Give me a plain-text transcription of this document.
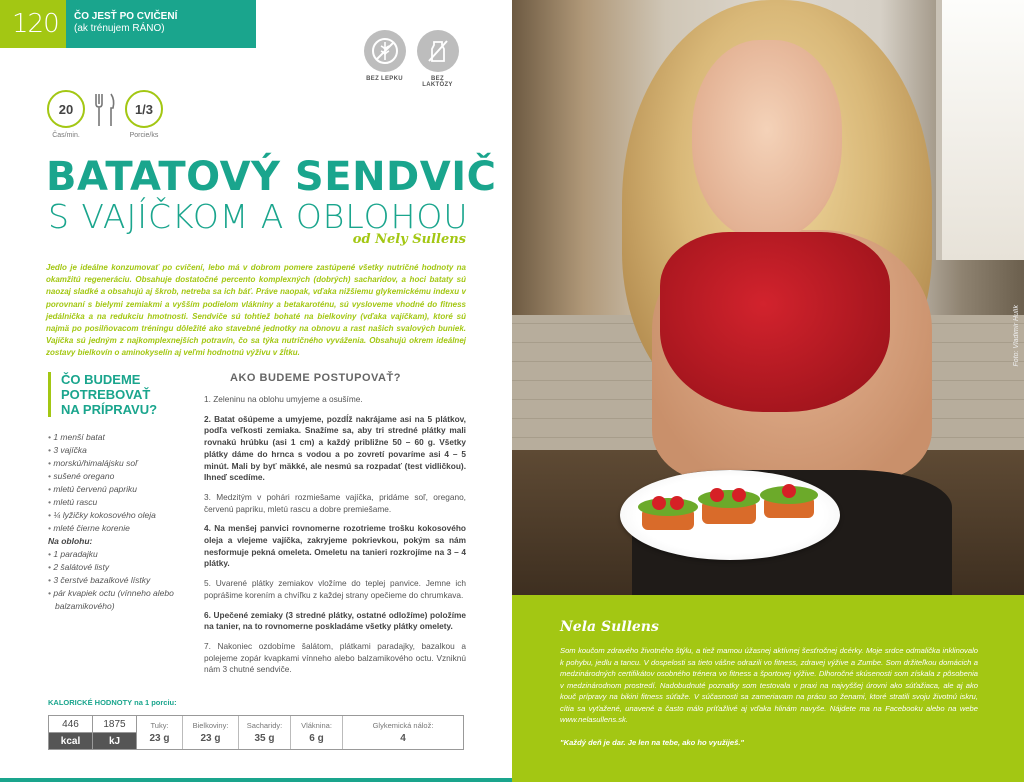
120	ČO JESŤ PO CVIČENÍ
(ak trénujem RÁNO)
BEZ LEPKU	BEZ LAKTÓZY
20
Čas/min.
1/3
Porcie/ks
BATATOVÝ SENDVIČ
S VAJÍČKOM A OBLOHOU
od Nely Sullens

Jedlo je ideálne konzumovať po cvičení, lebo má v dobrom pomere zastúpené všetky nutričné hodnoty na okamžitú regeneráciu. Obsahuje dostatočné percento komplexných (dobrých) sacharidov, a hoci bataty sú naozaj sladké a obsahujú aj škrob, netreba sa ich báť. Práve naopak, vďaka nižšiemu glykemickému indexu v porovnaní s bielymi zemiakmi a vyšším podielom vlákniny a betakaroténu, sú vysloveme vhodné do fitness jedálnička a na redukciu hmotnosti. Sendviče sú tohtiež bohaté na bielkoviny (vďaka vajíčkam), ktoré sú najmä po posilňovacom tréningu dôležité ako stavebné jednotky na obnovu a rast našich svalových buniek. Vajíčka sú jedným z najkomplexnejších potravín, čo sa týka nutričného vyváženia. Obsahujú okrem ideálnej zostavy bielkovín o aminokyselín aj veľmi hodnotnú výživu v žĺtku.

ČO BUDEME
POTREBOVAŤ
NA PRÍPRAVU?
• 1 menší batat
• 3 vajíčka
• morskú/himalájsku soľ
• sušené oregano
• mletú červenú papriku
• mletú rascu
• ¼ lyžičky kokosového oleja
• mleté čierne korenie
Na oblohu:
• 1 paradajku
• 2 šalátové listy
• 3 čerstvé bazalkové lístky
• pár kvapiek octu (vínneho alebo balzamikového)
AKO BUDEME POSTUPOVAŤ?

1. Zeleninu na oblohu umyjeme a osušíme.

2. Batat ošúpeme a umyjeme, pozdĺž nakrájame asi na 5 plátkov, podľa veľkosti zemiaka. Snažíme sa, aby tri stredné plátky mali rovnakú hrúbku (asi 1 cm) a každý približne 50 – 60 g. Všetky plátky dáme do hrnca s vodou a po zovretí povaríme asi 4 – 5 minút. Mali by byť mäkké, ale nesmú sa rozpadať (test vidličkou). Ihneď scedíme.

3. Medzitým v pohári rozmiešame vajíčka, pridáme soľ, oregano, červenú papriku, mletú rascu a dobre premiešame.

4. Na menšej panvici rovnomerne rozotrieme trošku kokosového oleja a vlejeme vajíčka, zakryjeme pokrievkou, pokým sa nám nesformuje pekná omeleta. Omeletu na tanieri rozkrojíme na 3 – 4 plátky.

5. Uvarené plátky zemiakov vložíme do teplej panvice. Jemne ich poprášime korením a chvíľku z každej strany opečieme do chrumkava.

6. Upečené zemiaky (3 stredné plátky, ostatné odložíme) položíme na tanier, na to rovnomerne poskladáme všetky plátky omelety.

7. Nakoniec ozdobíme šalátom, plátkami paradajky, bazalkou a polejeme zopár kvapkami vínneho alebo balzamikového octu. Vzniknú nám 3 chutné sendviče.

KALORICKÉ HODNOTY na 1 porciu:
446
kcal
1875
kJ
Tuky:
23 g
Bielkoviny:
23 g
Sacharidy:
35 g
Vláknina:
6 g
Glykemická nálož:
4
Foto: Vladimír Hulík
Nela Sullens

Som koučom zdravého životného štýlu, a tiež mamou úžasnej aktívnej šesťročnej dcérky. Moje srdce odmalička inklinovalo k pohybu, jedlu a tancu. V dospelosti sa tieto vášne odrazili vo fitness, zdravej výžive a Zumbe. Som držiteľkou domácich a medzinárodných certifikátov osobného trénera vo fitness a športovej výžive. Dlhoročné skúsenosti som získala z pôsobenia v medzinárodnom prostredí. Nadobudnuté poznatky som testovala v praxi na najvyššej úrovni ako súťažiaca, ale aj ako kouč prípravy na bikini fitness súťaže. V súčasnosti sa zameriavam na prácu so ženami, ktoré stratili svoju životnú iskru, cítia sa vyťažené, unavené a často málo príťažlivé aj vďaka hlinám navyše. Nájdete ma na Facebooku alebo na webe www.nelasullens.sk.

"Každý deň je dar. Je len na tebe, ako ho využiješ."
